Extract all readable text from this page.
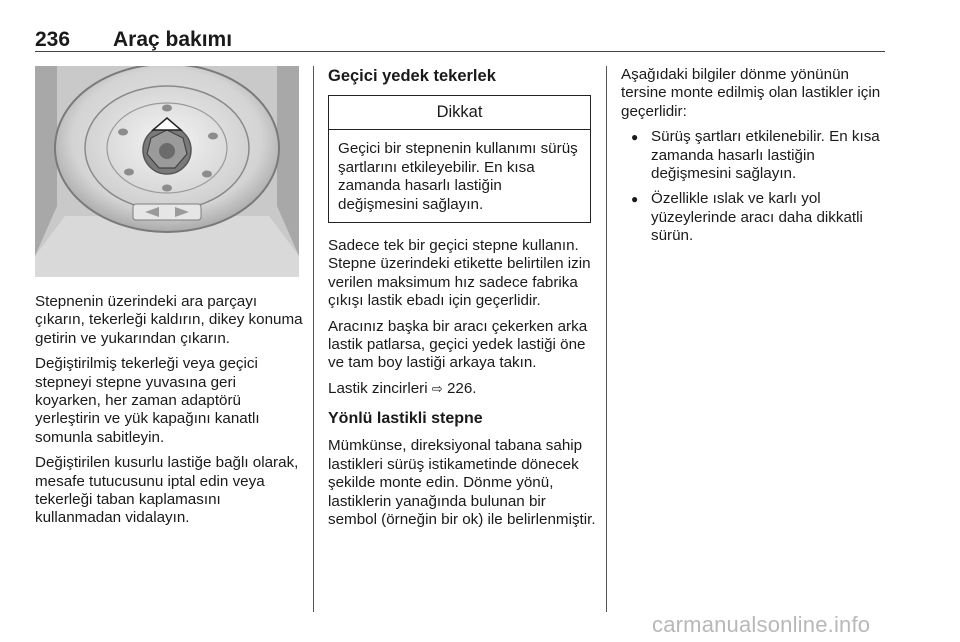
236 Araç bakımı

Stepnenin üzerindeki ara parçayı çıkarın, tekerleği kaldırın, dikey konuma getirin ve yukarından çıkarın.

Değiştirilmiş tekerleği veya geçici stepneyi stepne yuvasına geri koyarken, her zaman adaptörü yerleştirin ve yük kapağını kanatlı somunla sabitleyin.

Değiştirilen kusurlu lastiğe bağlı olarak, mesafe tutucusunu iptal edin veya tekerleği taban kaplamasını kullanmadan vidalayın.

Geçici yedek tekerlek
Dikkat

Geçici bir stepnenin kullanımı sürüş şartlarını etkileyebilir. En kısa zamanda hasarlı lastiğin değişmesini sağlayın.

Sadece tek bir geçici stepne kullanın. Stepne üzerindeki etikette belirtilen izin verilen maksimum hız sadece fabrika çıkışı lastik ebadı için geçerlidir.

Aracınız başka bir aracı çekerken arka lastik patlarsa, geçici yedek lastiği öne ve tam boy lastiği arkaya takın.

Lastik zincirleri ⇨ 226.

Yönlü lastikli stepne

Mümkünse, direksiyonal tabana sahip lastikleri sürüş istikametinde dönecek şekilde monte edin. Dönme yönü, lastiklerin yanağında bulunan bir sembol (örneğin bir ok) ile belirlenmiştir.

Aşağıdaki bilgiler dönme yönünün tersine monte edilmiş olan lastikler için geçerlidir:

● Sürüş şartları etkilenebilir. En kısa zamanda hasarlı lastiğin değişmesini sağlayın.
● Özellikle ıslak ve karlı yol yüzeylerinde aracı daha dikkatli sürün.
carmanualsonline.info
